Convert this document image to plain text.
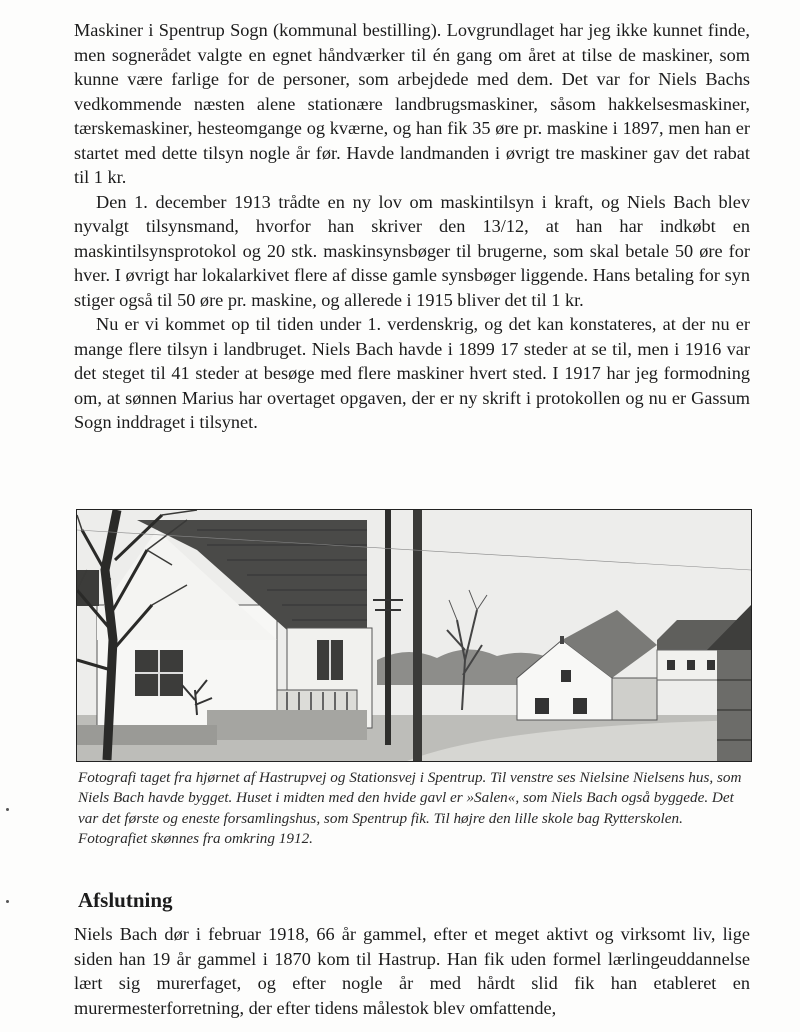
Maskiner i Spentrup Sogn (kommunal bestilling). Lovgrundlaget har jeg ikke kunnet finde, men sognerådet valgte en egnet håndværker til én gang om året at tilse de maskiner, som kunne være farlige for de personer, som arbejdede med dem. Det var for Niels Bachs vedkommende næsten alene stationære landbrugsmaskiner, såsom hakkelsesmaskiner, tærskemaskiner, hesteomgange og kværne, og han fik 35 øre pr. maskine i 1897, men han er startet med dette tilsyn nogle år før. Havde landmanden i øvrigt tre maskiner gav det rabat til 1 kr.

Den 1. december 1913 trådte en ny lov om maskintilsyn i kraft, og Niels Bach blev nyvalgt tilsynsmand, hvorfor han skriver den 13/12, at han har indkøbt en maskintilsynsprotokol og 20 stk. maskinsynsbøger til brugerne, som skal betale 50 øre for hver. I øvrigt har lokalarkivet flere af disse gamle synsbøger liggende. Hans betaling for syn stiger også til 50 øre pr. maskine, og allerede i 1915 bliver det til 1 kr.

Nu er vi kommet op til tiden under 1. verdenskrig, og det kan konstateres, at der nu er mange flere tilsyn i landbruget. Niels Bach havde i 1899 17 steder at se til, men i 1916 var det steget til 41 steder at besøge med flere maskiner hvert sted. I 1917 har jeg formodning om, at sønnen Marius har overtaget opgaven, der er ny skrift i protokollen og nu er Gassum Sogn inddraget i tilsynet.

Fotografi taget fra hjørnet af Hastrupvej og Stationsvej i Spentrup. Til venstre ses Nielsine Nielsens hus, som Niels Bach havde bygget. Huset i midten med den hvide gavl er »Salen«, som Niels Bach også byggede. Det var det første og eneste forsamlingshus, som Spentrup fik. Til højre den lille skole bag Rytterskolen. Fotografiet skønnes fra omkring 1912.

Afslutning

Niels Bach dør i februar 1918, 66 år gammel, efter et meget aktivt og virksomt liv, lige siden han 19 år gammel i 1870 kom til Hastrup. Han fik uden formel lærlingeuddannelse lært sig murerfaget, og efter nogle år med hårdt slid fik han etableret en murermesterforretning, der efter tidens målestok blev omfattende,
